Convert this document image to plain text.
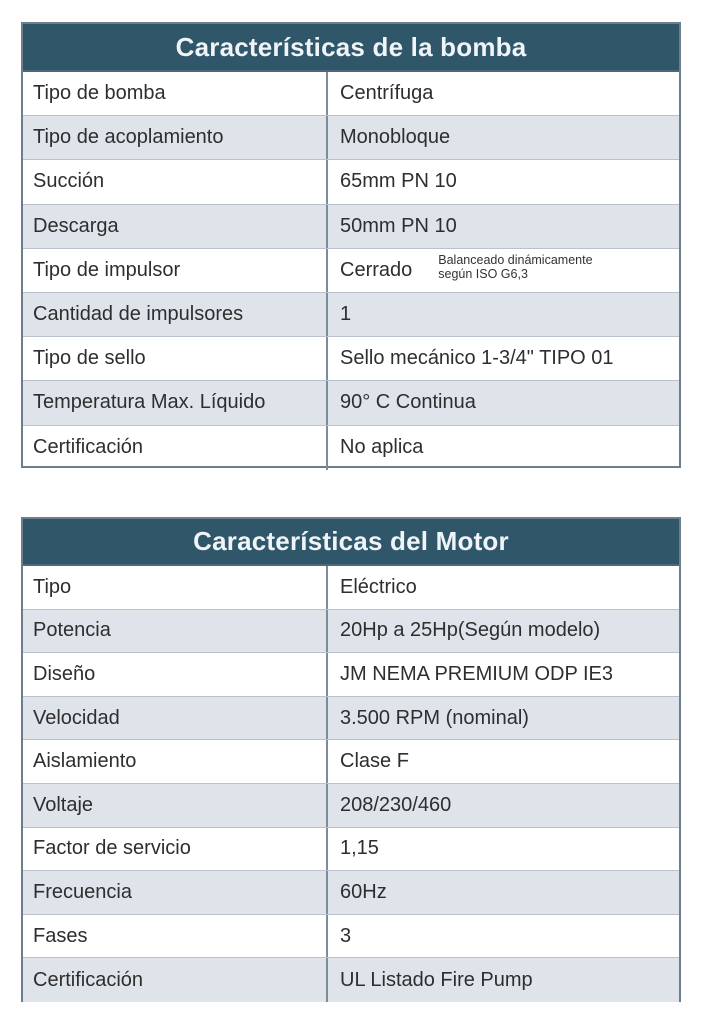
Características de la bomba
Tipo de bomba	Centrífuga
Tipo de acoplamiento	Monobloque
Succión	65mm PN 10
Descarga	50mm PN 10
Tipo de impulsor	Cerrado Balanceado dinámicamente
según ISO G6,3
Cantidad de impulsores	1
Tipo de sello	Sello mecánico 1-3/4" TIPO 01
Temperatura Max. Líquido	90° C Continua
Certificación	No aplica
Características del Motor
Tipo	Eléctrico
Potencia	20Hp a 25Hp(Según modelo)
Diseño	JM NEMA PREMIUM ODP IE3
Velocidad	3.500 RPM (nominal)
Aislamiento	Clase F
Voltaje	208/230/460
Factor de servicio	1,15
Frecuencia	60Hz
Fases	3
Certificación	UL Listado Fire Pump
